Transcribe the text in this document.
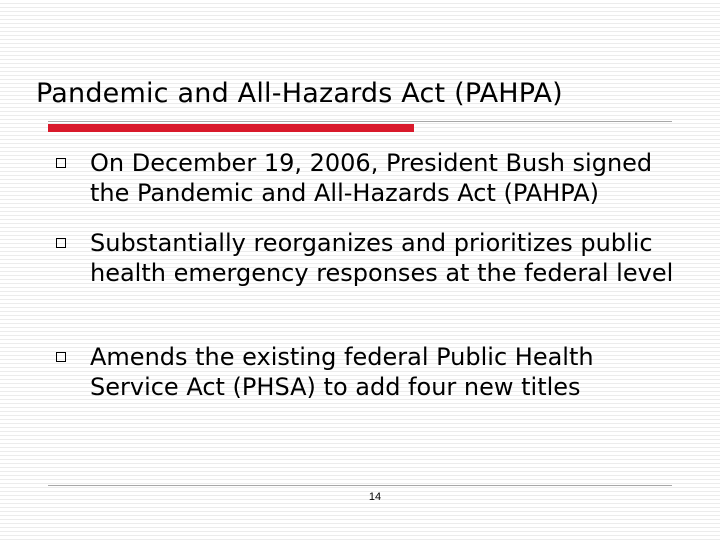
Pandemic and All-Hazards Act (PAHPA)
On December 19, 2006, President Bush signed the Pandemic and All-Hazards Act (PAHPA)
Substantially reorganizes and prioritizes public health emergency responses at the federal level
Amends the existing federal Public Health Service Act (PHSA) to add four new titles
14
